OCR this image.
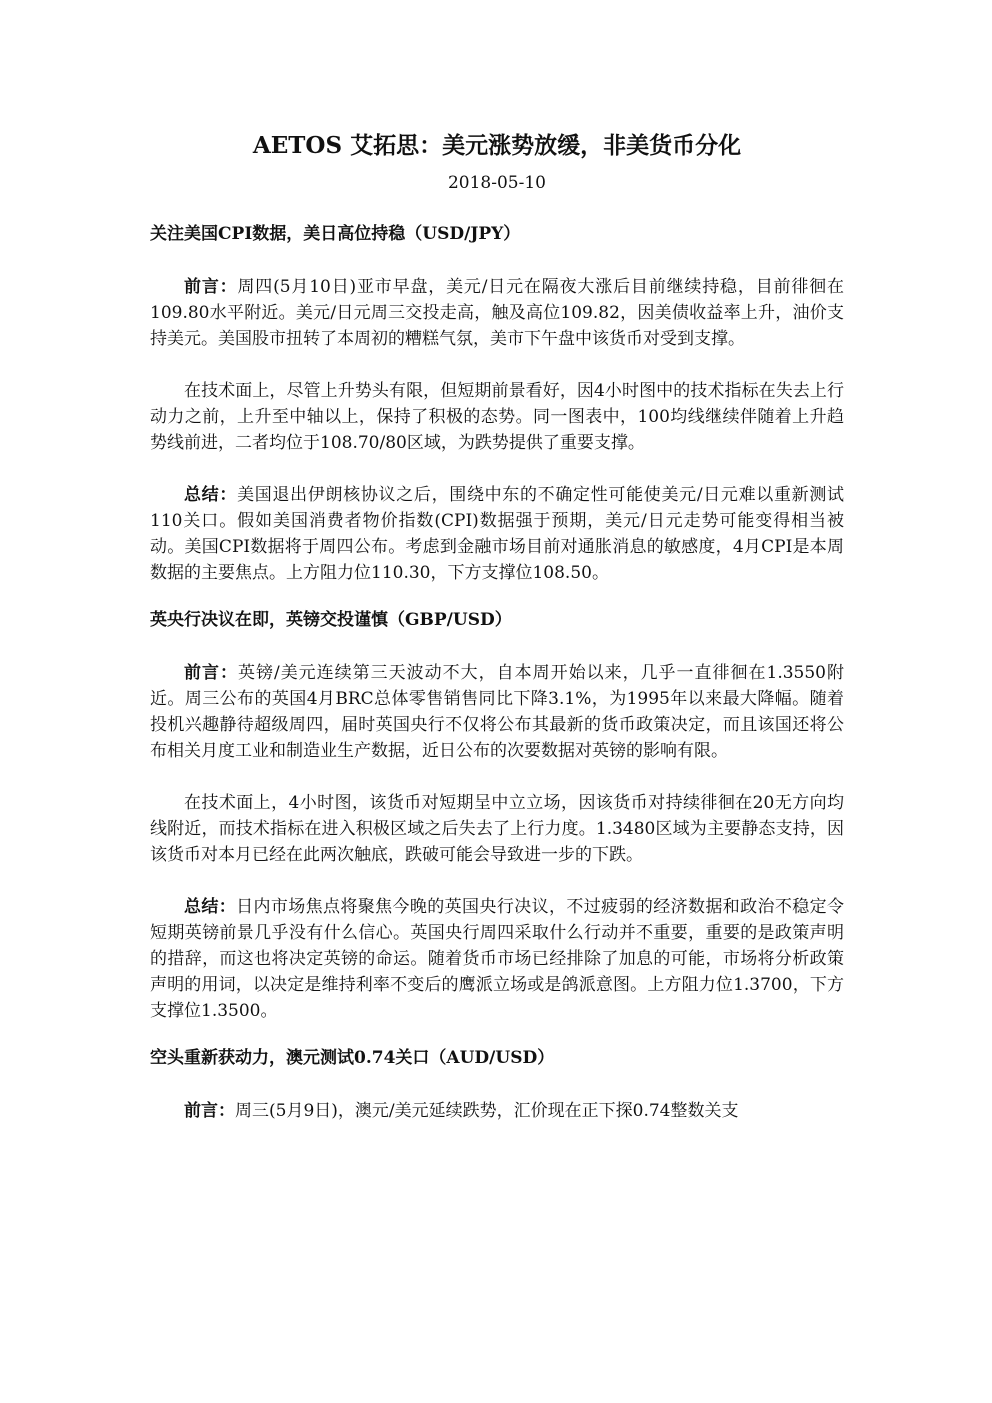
AETOS 艾拓思：美元涨势放缓，非美货币分化
2018-05-10
关注美国CPI数据，美日高位持稳（USD/JPY）

前言：周四(5月10日)亚市早盘，美元/日元在隔夜大涨后目前继续持稳，目前徘徊在109.80水平附近。美元/日元周三交投走高，触及高位109.82，因美债收益率上升，油价支持美元。美国股市扭转了本周初的糟糕气氛，美市下午盘中该货币对受到支撑。

在技术面上，尽管上升势头有限，但短期前景看好，因4小时图中的技术指标在失去上行动力之前，上升至中轴以上，保持了积极的态势。同一图表中，100均线继续伴随着上升趋势线前进，二者均位于108.70/80区域，为跌势提供了重要支撑。

总结：美国退出伊朗核协议之后，围绕中东的不确定性可能使美元/日元难以重新测试110关口。假如美国消费者物价指数(CPI)数据强于预期，美元/日元走势可能变得相当被动。美国CPI数据将于周四公布。考虑到金融市场目前对通胀消息的敏感度，4月CPI是本周数据的主要焦点。上方阻力位110.30，下方支撑位108.50。

英央行决议在即，英镑交投谨慎（GBP/USD）

前言：英镑/美元连续第三天波动不大，自本周开始以来，几乎一直徘徊在1.3550附近。周三公布的英国4月BRC总体零售销售同比下降3.1%，为1995年以来最大降幅。随着投机兴趣静待超级周四，届时英国央行不仅将公布其最新的货币政策决定，而且该国还将公布相关月度工业和制造业生产数据，近日公布的次要数据对英镑的影响有限。

在技术面上，4小时图，该货币对短期呈中立立场，因该货币对持续徘徊在20无方向均线附近，而技术指标在进入积极区域之后失去了上行力度。1.3480区域为主要静态支持，因该货币对本月已经在此两次触底，跌破可能会导致进一步的下跌。

总结：日内市场焦点将聚焦今晚的英国央行决议，不过疲弱的经济数据和政治不稳定令短期英镑前景几乎没有什么信心。英国央行周四采取什么行动并不重要，重要的是政策声明的措辞，而这也将决定英镑的命运。随着货币市场已经排除了加息的可能，市场将分析政策声明的用词，以决定是维持利率不变后的鹰派立场或是鸽派意图。上方阻力位1.3700，下方支撑位1.3500。

空头重新获动力，澳元测试0.74关口（AUD/USD）

前言：周三(5月9日)，澳元/美元延续跌势，汇价现在正下探0.74整数关支
